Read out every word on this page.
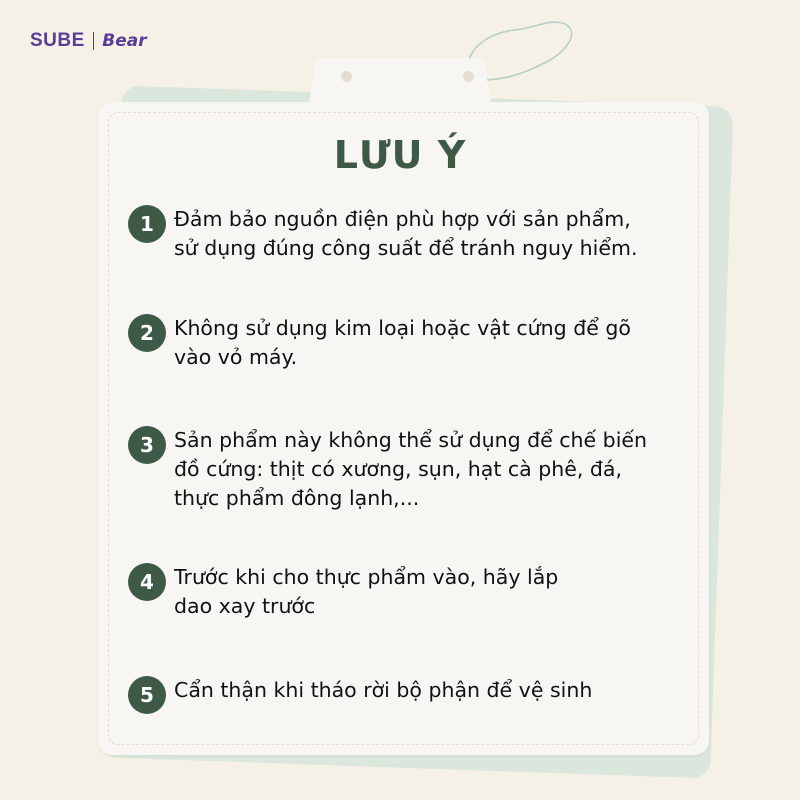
SUBE Bear
LƯU Ý
1 Đảm bảo nguồn điện phù hợp với sản phẩm,
sử dụng đúng công suất để tránh nguy hiểm.
2 Không sử dụng kim loại hoặc vật cứng để gõ
vào vỏ máy.
3 Sản phẩm này không thể sử dụng để chế biến
đồ cứng: thịt có xương, sụn, hạt cà phê, đá,
thực phẩm đông lạnh,...
4 Trước khi cho thực phẩm vào, hãy lắp
dao xay trước
5 Cẩn thận khi tháo rời bộ phận để vệ sinh
